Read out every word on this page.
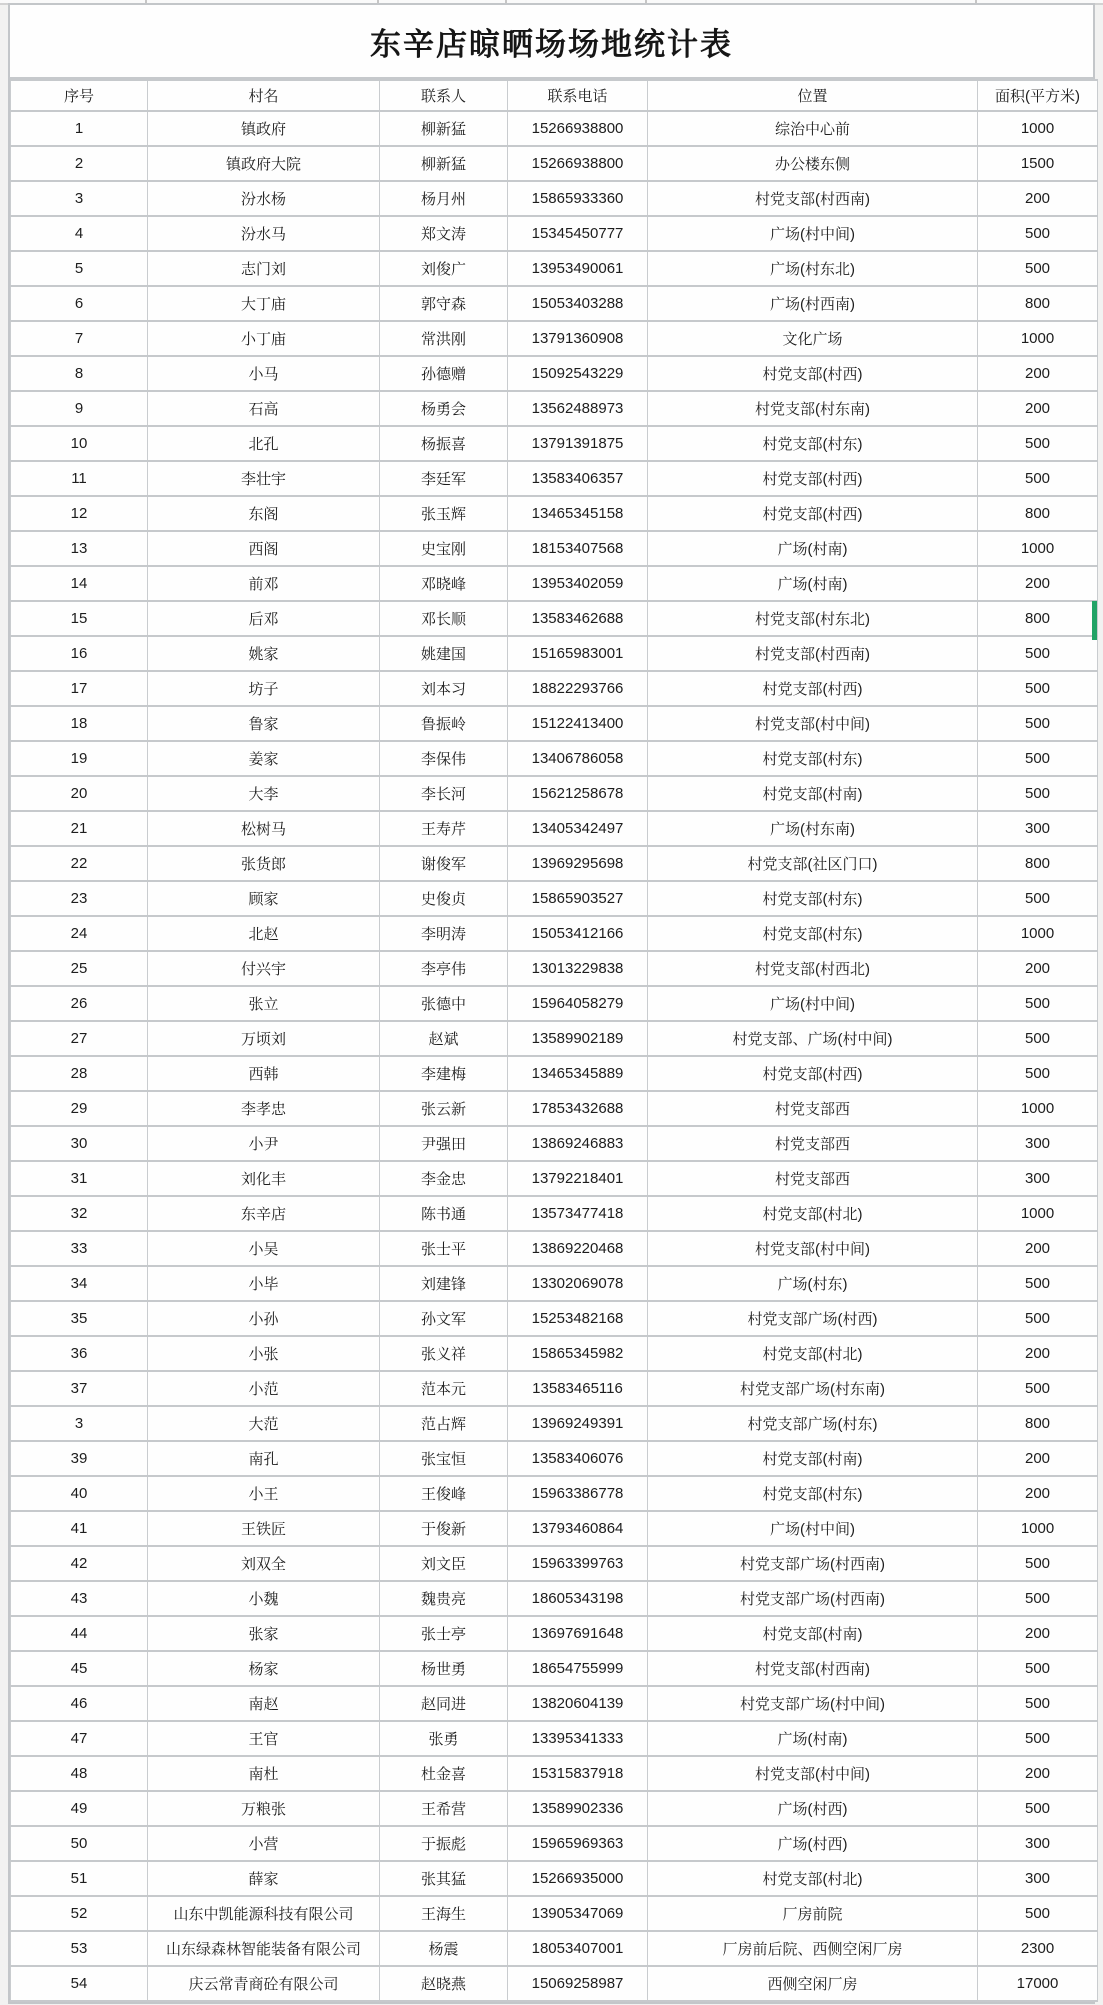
东辛店晾晒场场地统计表
序号	村名	联系人	联系电话	位置	面积(平方米)
1	镇政府	柳新猛	15266938800	综治中心前	1000
2	镇政府大院	柳新猛	15266938800	办公楼东侧	1500
3	汾水杨	杨月州	15865933360	村党支部(村西南)	200
4	汾水马	郑文涛	15345450777	广场(村中间)	500
5	志门刘	刘俊广	13953490061	广场(村东北)	500
6	大丁庙	郭守森	15053403288	广场(村西南)	800
7	小丁庙	常洪刚	13791360908	文化广场	1000
8	小马	孙德赠	15092543229	村党支部(村西)	200
9	石高	杨勇会	13562488973	村党支部(村东南)	200
10	北孔	杨振喜	13791391875	村党支部(村东)	500
11	李壮宇	李廷军	13583406357	村党支部(村西)	500
12	东阁	张玉辉	13465345158	村党支部(村西)	800
13	西阁	史宝刚	18153407568	广场(村南)	1000
14	前邓	邓晓峰	13953402059	广场(村南)	200
15	后邓	邓长顺	13583462688	村党支部(村东北)	800
16	姚家	姚建国	15165983001	村党支部(村西南)	500
17	坊子	刘本习	18822293766	村党支部(村西)	500
18	鲁家	鲁振岭	15122413400	村党支部(村中间)	500
19	姜家	李保伟	13406786058	村党支部(村东)	500
20	大李	李长河	15621258678	村党支部(村南)	500
21	松树马	王寿芹	13405342497	广场(村东南)	300
22	张货郎	谢俊军	13969295698	村党支部(社区门口)	800
23	顾家	史俊贞	15865903527	村党支部(村东)	500
24	北赵	李明涛	15053412166	村党支部(村东)	1000
25	付兴宇	李亭伟	13013229838	村党支部(村西北)	200
26	张立	张德中	15964058279	广场(村中间)	500
27	万顷刘	赵斌	13589902189	村党支部、广场(村中间)	500
28	西韩	李建梅	13465345889	村党支部(村西)	500
29	李孝忠	张云新	17853432688	村党支部西	1000
30	小尹	尹强田	13869246883	村党支部西	300
31	刘化丰	李金忠	13792218401	村党支部西	300
32	东辛店	陈书通	13573477418	村党支部(村北)	1000
33	小吴	张士平	13869220468	村党支部(村中间)	200
34	小毕	刘建锋	13302069078	广场(村东)	500
35	小孙	孙文军	15253482168	村党支部广场(村西)	500
36	小张	张义祥	15865345982	村党支部(村北)	200
37	小范	范本元	13583465116	村党支部广场(村东南)	500
3	大范	范占辉	13969249391	村党支部广场(村东)	800
39	南孔	张宝恒	13583406076	村党支部(村南)	200
40	小王	王俊峰	15963386778	村党支部(村东)	200
41	王铁匠	于俊新	13793460864	广场(村中间)	1000
42	刘双全	刘文臣	15963399763	村党支部广场(村西南)	500
43	小魏	魏贵亮	18605343198	村党支部广场(村西南)	500
44	张家	张士亭	13697691648	村党支部(村南)	200
45	杨家	杨世勇	18654755999	村党支部(村西南)	500
46	南赵	赵同进	13820604139	村党支部广场(村中间)	500
47	王官	张勇	13395341333	广场(村南)	500
48	南杜	杜金喜	15315837918	村党支部(村中间)	200
49	万粮张	王希营	13589902336	广场(村西)	500
50	小营	于振彪	15965969363	广场(村西)	300
51	薛家	张其猛	15266935000	村党支部(村北)	300
52	山东中凯能源科技有限公司	王海生	13905347069	厂房前院	500
53	山东绿森林智能装备有限公司	杨震	18053407001	厂房前后院、西侧空闲厂房	2300
54	庆云常青商砼有限公司	赵晓燕	15069258987	西侧空闲厂房	17000
